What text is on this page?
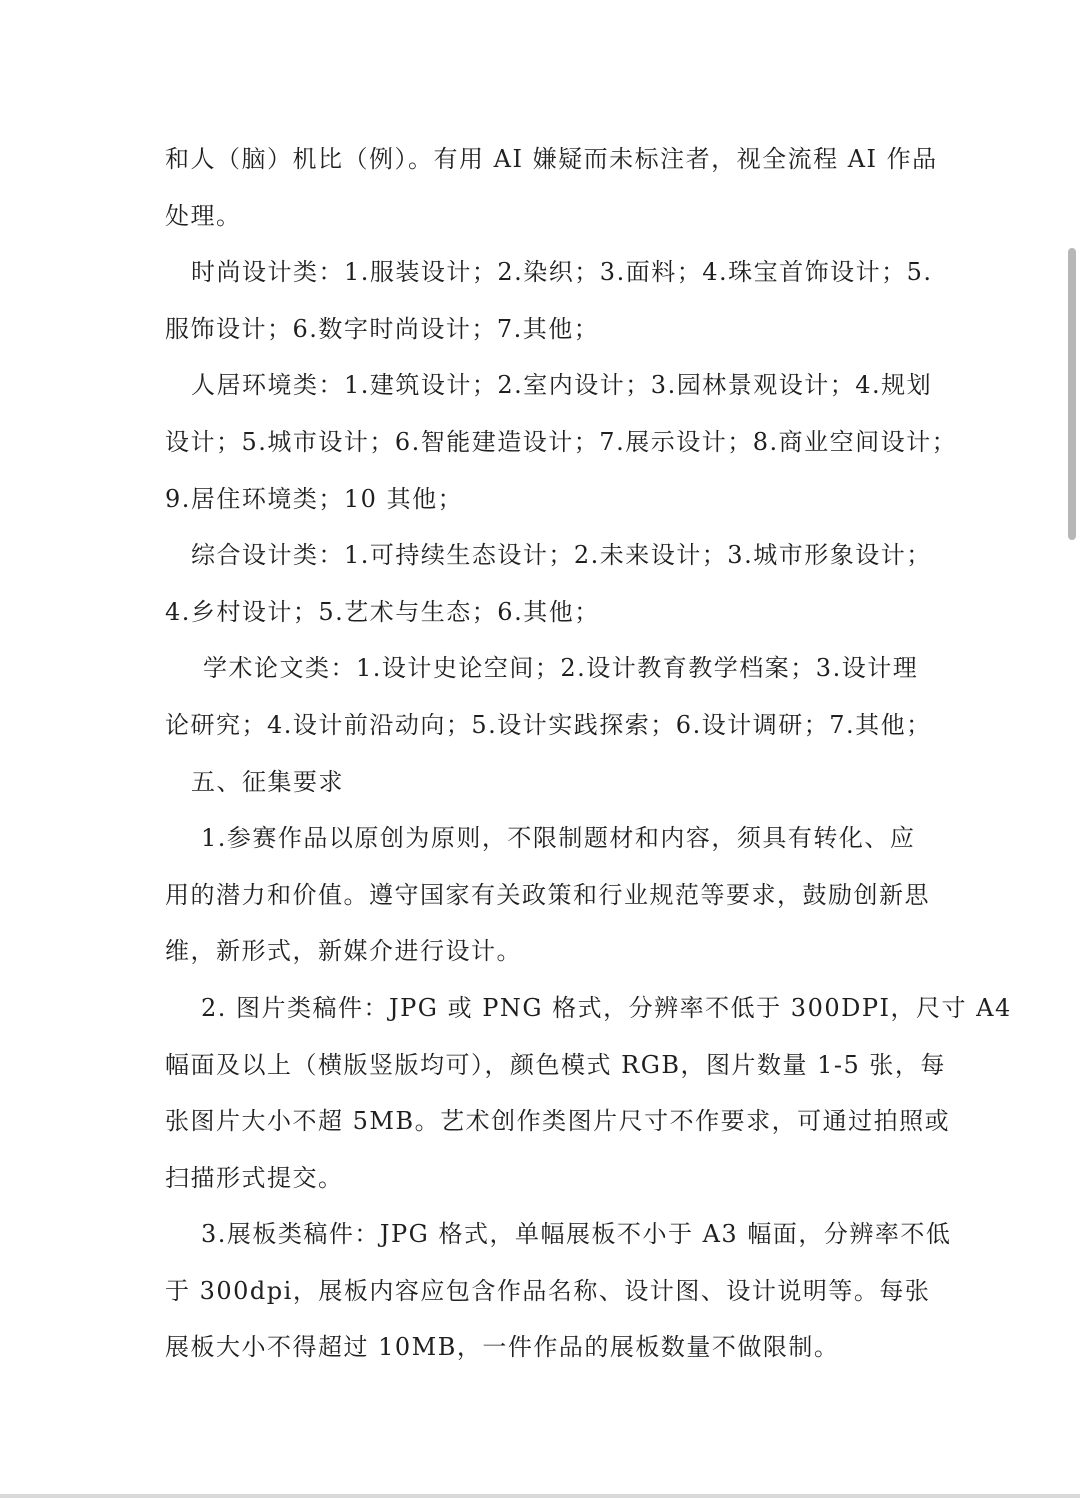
和人（脑）机比（例）。有用 AI 嫌疑而未标注者，视全流程 AI 作品
处理。
时尚设计类：1.服装设计；2.染织；3.面料；4.珠宝首饰设计；5.
服饰设计；6.数字时尚设计；7.其他；
人居环境类：1.建筑设计；2.室内设计；3.园林景观设计；4.规划
设计；5.城市设计；6.智能建造设计；7.展示设计；8.商业空间设计；
9.居住环境类；10 其他；
综合设计类：1.可持续生态设计；2.未来设计；3.城市形象设计；
4.乡村设计；5.艺术与生态；6.其他；
学术论文类：1.设计史论空间；2.设计教育教学档案；3.设计理
论研究；4.设计前沿动向；5.设计实践探索；6.设计调研；7.其他；
五、征集要求
1.参赛作品以原创为原则，不限制题材和内容，须具有转化、应
用的潜力和价值。遵守国家有关政策和行业规范等要求，鼓励创新思
维，新形式，新媒介进行设计。
2. 图片类稿件：JPG 或 PNG 格式，分辨率不低于 300DPI，尺寸 A4
幅面及以上（横版竖版均可），颜色模式 RGB，图片数量 1-5 张，每
张图片大小不超 5MB。艺术创作类图片尺寸不作要求，可通过拍照或
扫描形式提交。
3.展板类稿件：JPG 格式，单幅展板不小于 A3 幅面，分辨率不低
于 300dpi，展板内容应包含作品名称、设计图、设计说明等。每张
展板大小不得超过 10MB，一件作品的展板数量不做限制。
